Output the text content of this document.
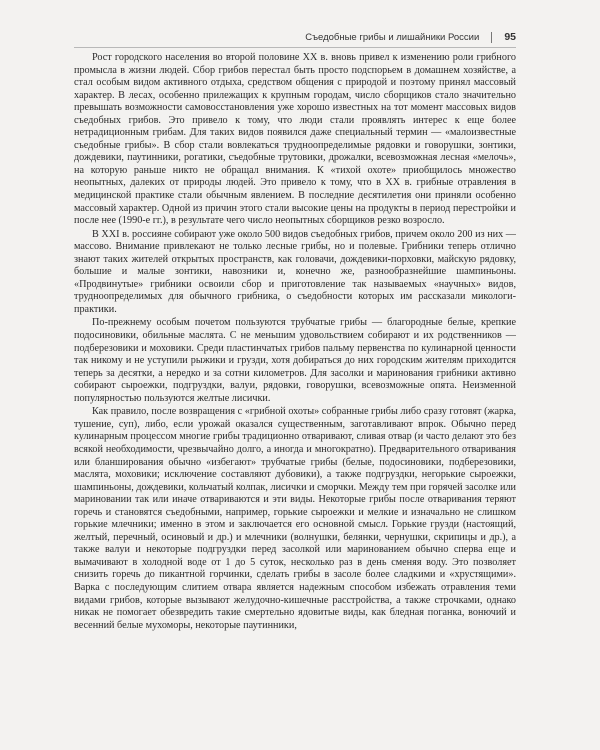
Съедобные грибы и лишайники России 95

Рост городского населения во второй половине XX в. вновь привел к изменению роли грибного промысла в жизни людей. Сбор грибов перестал быть просто подспорьем в домашнем хозяйстве, а стал особым видом активного отдыха, средством общения с природой и поэтому принял массовый характер. В лесах, особенно прилежащих к крупным городам, число сборщиков стало значительно превышать возможности самовосстановления уже хорошо известных на тот момент массовых видов съедобных грибов. Это привело к тому, что люди стали проявлять интерес к еще более нетрадиционным грибам. Для таких видов появился даже специальный термин — «малоизвестные съедобные грибы». В сбор стали вовлекаться трудноопределимые рядовки и говорушки, зонтики, дождевики, паутинники, рогатики, съедобные трутовики, дрожалки, всевозможная лесная «мелочь», на которую раньше никто не обращал внимания. К «тихой охоте» приобщилось множество неопытных, далеких от природы людей. Это привело к тому, что в XX в. грибные отравления в медицинской практике стали обычным явлением. В последние десятилетия они приняли особенно массовый характер. Одной из причин этого стали высокие цены на продукты в период перестройки и после нее (1990-е гг.), в результате чего число неопытных сборщиков резко возросло.

В XXI в. россияне собирают уже около 500 видов съедобных грибов, причем около 200 из них — массово. Внимание привлекают не только лесные грибы, но и полевые. Грибники теперь отлично знают таких жителей открытых пространств, как головачи, дождевики-порховки, майскую рядовку, большие и малые зонтики, навозники и, конечно же, разнообразнейшие шампиньоны. «Продвинутые» грибники освоили сбор и приготовление так называемых «научных» видов, трудноопределимых для обычного грибника, о съедобности которых им рассказали микологи-практики.

По-прежнему особым почетом пользуются трубчатые грибы — благородные белые, крепкие подосиновики, обильные маслята. С не меньшим удовольствием собирают и их родственников — подберезовики и моховики. Среди пластинчатых грибов пальму первенства по кулинарной ценности так никому и не уступили рыжики и грузди, хотя добираться до них городским жителям приходится теперь за десятки, а нередко и за сотни километров. Для засолки и маринования грибники активно собирают сыроежки, подгруздки, валуи, рядовки, говорушки, всевозможные опята. Неизменной популярностью пользуются желтые лисички.

Как правило, после возвращения с «грибной охоты» собранные грибы либо сразу готовят (жарка, тушение, суп), либо, если урожай оказался существенным, заготавливают впрок. Обычно перед кулинарным процессом многие грибы традиционно отваривают, сливая отвар (и часто делают это без всякой необходимости, чрезвычайно долго, а иногда и многократно). Предварительного отваривания или бланширования обычно «избегают» трубчатые грибы (белые, подосиновики, подберезовики, маслята, моховики; исключение составляют дубовики), а также подгруздки, негорькие сыроежки, шампиньоны, дождевики, кольчатый колпак, лисички и сморчки. Между тем при горячей засолке или мариновании так или иначе отвариваются и эти виды. Некоторые грибы после отваривания теряют горечь и становятся съедобными, например, горькие сыроежки и мелкие и изначально не слишком горькие млечники; именно в этом и заключается его основной смысл. Горькие грузди (настоящий, желтый, перечный, осиновый и др.) и млечники (волнушки, белянки, чернушки, скрипицы и др.), а также валуи и некоторые подгруздки перед засолкой или маринованием обычно сперва еще и вымачивают в холодной воде от 1 до 5 суток, несколько раз в день сменяя воду. Это позволяет снизить горечь до пикантной горчинки, сделать грибы в засоле более сладкими и «хрустящими». Варка с последующим слитием отвара является надежным способом избежать отравления теми видами грибов, которые вызывают желудочно-кишечные расстройства, а также строчками, однако никак не помогает обезвредить такие смертельно ядовитые виды, как бледная поганка, вонючий и весенний белые мухоморы, некоторые паутинники,
